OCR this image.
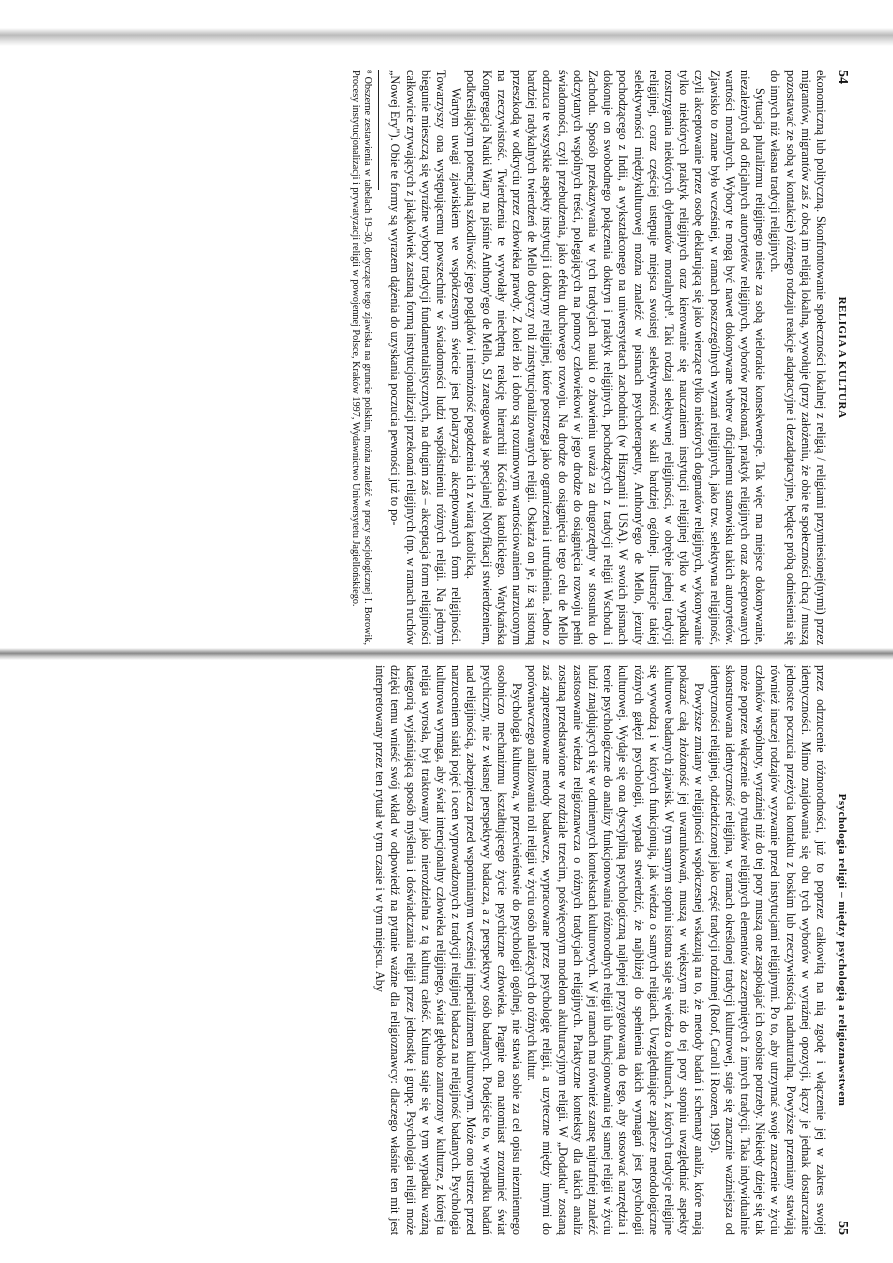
54
RELIGIA A KULTURA

ekonomiczną lub polityczną. Skonfrontowanie społeczności lokalnej z religią / religiami przymiesionej(nymi) przez migrantów, migrantów zaś z obcą im religią lokalną, wywołuje (przy założeniu, że obie te społeczności chcą / muszą pozostawać ze sobą w kontakcie) różnego rodzaju reakcje adaptacyjne i dezadaptacyjne, będące próbą odniesienia się do innych niż własna tradycji religijnych.

Sytuacja pluralizmu religijnego niesie za sobą wielorakie konsekwencje. Tak więc ma miejsce dokonywanie, niezależnych od oficjalnych autorytetów religijnych, wyborów przekonań, praktyk religijnych oraz akceptowanych wartości moralnych. Wybory te mogą być nawet dokonywane wbrew oficjalnemu stanowisku takich autorytetów. Zjawisko to znane było wcześniej, w ramach poszczególnych wyznań religijnych, jako tzw. selektywna religijność, czyli akceptowanie przez osobę deklarującą się jako wierzące tylko niektórych dogmatów religijnych, wykonywanie tylko niektórych praktyk religijnych oraz kierowanie się nauczaniem instytucji religijnej tylko w wypadku rozstrzygania niektórych dylematów moralnych⁸. Taki rodzaj selektywnej religijności, w obrębie jednej tradycji religijnej, coraz częściej ustępuje miejsca swoistej selektywności w skali bardziej ogólnej. Ilustracje takiej selektywności międzykulturowej można znaleźć w pismach psychoterapeuty, Anthony'ego de Mello, jezuity pochodzącego z Indii, a wykształconego na uniwersytetach zachodnich (w Hiszpanii i USA). W swoich pismach dokonuje on swobodnego połączenia doktryn i praktyk religijnych, pochodzących z tradycji religii Wschodu i Zachodu. Sposób przekazywania w tych tradycjach nauki o zbawieniu uważa za drugorzędny w stosunku do odczytanych wspólnych treści, polegających na pomocy człowiekowi w jego drodze do osiągnięcia rozwoju pełni świadomości, czyli przebudzenia, jako efektu duchowego rozwoju. Na drodze do osiągnięcia tego celu de Mello odrzuca te wszystkie aspekty instytucji i doktryny religijnej, które postrzega jako ograniczenia i utrudnienia. Jedno z bardziej radykalnych twierdzeń de Mello dotyczy roli zinstytucjonalizowanych religii. Oskarża on je, iż są istotną przeszkodą w odkryciu przez człowieka prawdy. Z kolei zło i dobro są rozumowym wartościowaniem narzuconym na rzeczywistość. Twierdzenia te wywołały niechętną reakcję hierarchii Kościoła katolickiego. Watykańska Kongregacja Nauki Wiary na piśmie Anthony'ego de Mello, SJ zareagowała w specjalnej Notyfikacji stwierdzeniem, podkreślającym potencjalną szkodliwość jego poglądów i niemożność pogodzenia ich z wiarą katolicką.

Wartym uwagi zjawiskiem we współczesnym świecie jest polaryzacja akceptowanych form religijności. Towarzyszy ona występującemu powszechnie w świadomości ludzi współistnieniu różnych religii. Na jednym biegunie mieszczą się wyraźne wybory tradycji fundamentalistycznych, na drugim zaś – akceptacja form religijności całkowicie zrywających z jakąkolwiek zastaną formą instytucjonalizacji przekonań religijnych (np. w ramach ruchów „Nowej Ery"). Obie te formy są wyrazem dążenia do uzyskania poczucia pewności już to po-

⁸ Obszerne zestawienia w tabelach 19–30, dotyczące tego zjawiska na gruncie polskim, można znaleźć w pracy socjologicznej I. Borowik, Procesy instytucjonalizacji i prywatyzacji religii w powojennej Polsce, Kraków 1997, Wydawnictwo Uniwersytetu Jagiellońskiego.
Psychologia religii – między psychologią a religioznawstwem
55

przez odrzucenie różnorodności, już to poprzez całkowitą na nią zgodę i włączenie jej w zakres swojej identyczności. Mimo znajdowania się obu tych wyborów w wyraźnej opozycji, łączy je jednak dostarczanie jednostce poczucia przeżycia kontaktu z boskim lub rzeczywistością nadnaturalną. Powyższe przemiany stawiają również inaczej rodzajów wyzwanie przed instytucjami religijnymi. Po to, aby utrzymać swoje znaczenie w życiu członków wspólnoty, wyraźniej niż do tej pory muszą one zaspokajać ich osobiste potrzeby. Niekiedy dzieje się tak może poprzez włączenie do rytuałów religijnych elementów zaczerpniętych z innych tradycji. Taka indywidualnie skonstruowana identyczność religijna, w ramach określonej tradycji kulturowej, staje się znacznie ważniejsza od identyczności religijnej, odziedziczonej jako część tradycji rodzinnej (Roof, Caroll i Roozen, 1995).

Powyższe zmiany w religijności współczesnej wskazują na to, że metody badań i schematy analiz, które mają pokazać całą złożoność jej uwarunkowań, muszą w większym niż do tej pory stopniu uwzględniać aspekty kulturowe badanych zjawisk. W tym samym stopniu istotna staje się wiedza o kulturach, z których tradycje religijne się wywodzą i w których funkcjonują, jak wiedza o samych religiach. Uwzględniające zaplecze metodologiczne różnych gałęzi psychologii, wypada stwierdzić, że najbliżej do spełnienia takich wymagań jest psychologii kulturowej. Wydaje się ona dyscypliną psychologiczną najlepiej przygotowaną do tego, aby stosować narzędzia i teorie psychologiczne do analizy funkcjonowania różnorodnych religii lub funkcjonowania tej samej religii w życiu ludzi znajdujących się w odmiennych kontekstach kulturowych. W jej ramach ma również szansę najtrafniej znaleźć zastosowanie wiedza religioznawcza o różnych tradycjach religijnych. Praktyczne konteksty dla takich analiz zostaną przedstawione w rozdziale trzecim, poświęconym modelom akulturacyjnym religii. W „Dodatku" zostaną zaś zaprezentowane metody badawcze, wypracowane przez psychologię religii, a uzyteczne między innymi do porównawczego analizowania roli religii w życiu osób należących do różnych kultur.

Psychologia kulturowa, w przeciwieństwie do psychologii ogólnej, nie stawia sobie za cel opisu niezmiennego osobniczo mechanizmu kształtującego życie psychiczne człowieka. Pragnie ona natomiast zrozumieć świat psychiczny, nie z własnej perspektywy badacza, a z perspektywy osób badanych. Podejście to, w wypadku badań nad religijnością, zabezpiecza przed wspomnianym wcześniej imperializmem kulturowym. Może ono ustrzec przed narzuceniem siatki pojęć i ocen wyprowadzonych z tradycji religijnej badacza na religijność badanych. Psychologia kulturowa wymaga, aby świat intencjonalny człowieka religijnego, świat głęboko zanurzony w kulturze, z której ta religia wyrosła, był traktowany jako nierozdzielna z tą kulturą całość. Kultura staje się w tym wypadku ważną kategorią wyjaśniającą sposób myślenia i doświadczania religii przez jednostkę i grupę. Psychologia religii może dzięki temu wnieść swój wkład w odpowiedź na pytanie ważne dla religioznawcy: dlaczego właśnie ten mit jest interpretowany przez ten rytuał w tym czasie i w tym miejscu. Aby
